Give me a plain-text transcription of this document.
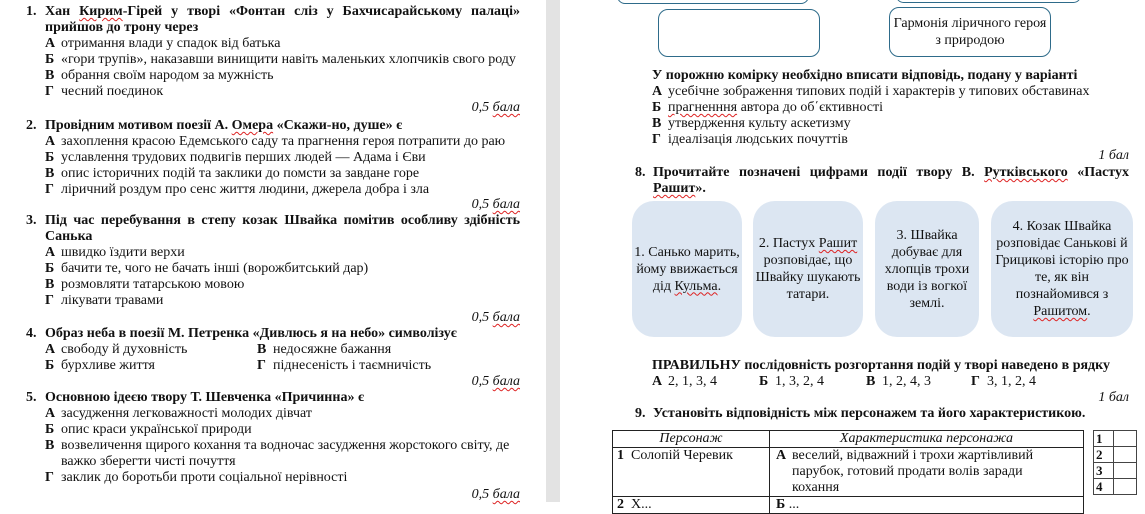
1. Хан Кирим-Гірей у творі «Фонтан сліз у Бахчисарайському палаці» прийшов до трону через
А отримання влади у спадок від батька
Б «гори трупів», наказавши винищити навіть маленьких хлопчиків свого роду
В обрання своїм народом за мужність
Г чесний поєдинок
0,5 бала
2. Провідним мотивом поезії А. Омера «Скажи-но, душе» є
А захоплення красою Едемського саду та прагнення героя потрапити до раю
Б уславлення трудових подвигів перших людей — Адама і Єви
В опис історичних подій та заклики до помсти за завдане горе
Г ліричний роздум про сенс життя людини, джерела добра і зла
0,5 бала
3. Під час перебування в степу козак Швайка помітив особливу здібність Санька
А швидко їздити верхи
Б бачити те, чого не бачать інші (ворожбитський дар)
В розмовляти татарською мовою
Г лікувати травами
0,5 бала
4. Образ неба в поезії М. Петренка «Дивлюсь я на небо» символізує
А свободу й духовність	В недосяжне бажання
Б бурхливе життя	Г піднесеність і таємничість
0,5 бала
5. Основною ідеєю твору Т. Шевченка «Причинна» є
А засудження легковажності молодих дівчат
Б опис краси української природи
В возвеличення щирого кохання та водночас засудження жорстокого світу, де важко зберегти чисті почуття
Г заклик до боротьби проти соціальної нерівності
0,5 бала
Гармонія ліричного героя з природою
У порожню комірку необхідно вписати відповідь, подану у варіанті
А усебічне зображення типових подій і характерів у типових обставинах
Б прагненння автора до об΄єктивності
В утвердження культу аскетизму
Г ідеалізація людських почуттів
1 бал
8. Прочитайте позначені цифрами події твору В. Рутківського «Пастух Рашит».
1. Санько марить, йому ввижається дід Кульма.
2. Пастух Рашит розповідає, що Швайку шукають татари.
3. Швайка добуває для хлопців трохи води із вогкої землі.
4. Козак Швайка розповідає Санькові й Грицикові історію про те, як він познайомився з Рашитом.
ПРАВИЛЬНУ послідовність розгортання подій у творі наведено в рядку
А 2, 1, 3, 4	Б 1, 3, 2, 4	В 1, 2, 4, 3	Г 3, 1, 2, 4
1 бал
9. Установіть відповідність між персонажем та його характеристикою.
Персонаж	Характеристика персонажа
1 Солопій Черевик	А веселий, відважний і трохи жартівливий парубок, готовий продати волів заради кохання

2 Х...	Б ...
1	
2	
3	
4	
